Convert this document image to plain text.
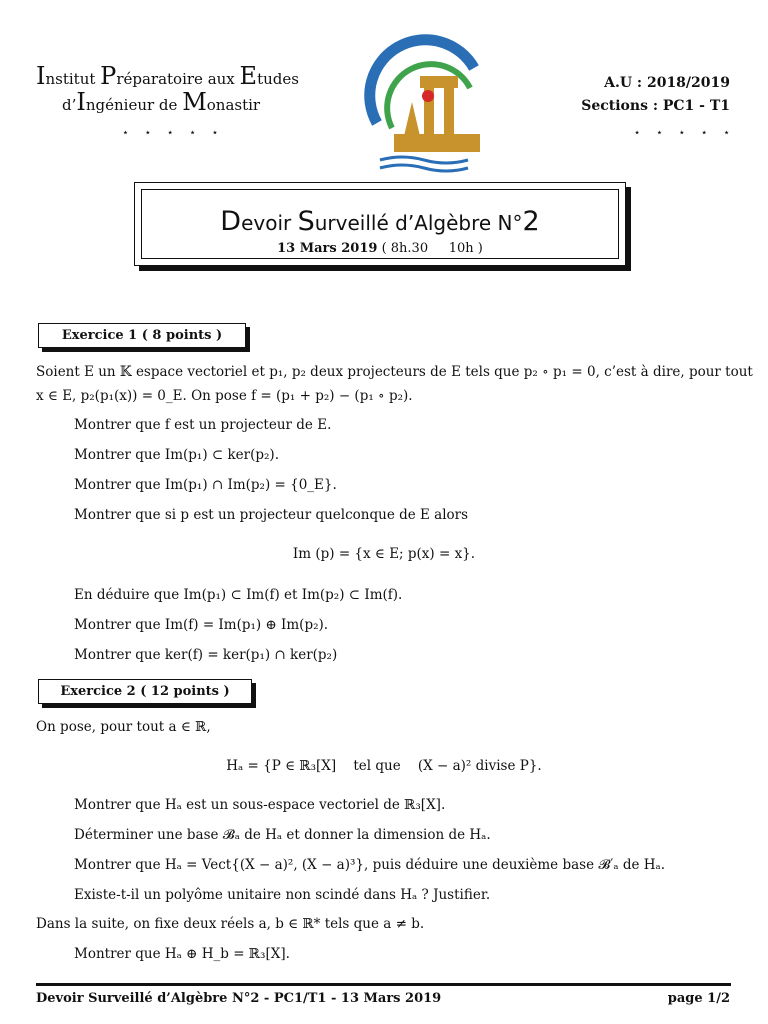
Institut Préparatoire aux Etudes
d’Ingénieur de Monastir
⋆ ⋆ ⋆ ⋆ ⋆
A.U : 2018/2019
Sections : PC1 - T1
⋆ ⋆ ⋆ ⋆ ⋆
Devoir Surveillé d’Algèbre N°2
13 Mars 2019 ( 8h.30     10h )
Exercice 1 ( 8 points )
Soient E un 𝕂 espace vectoriel et p₁, p₂ deux projecteurs de E tels que p₂ ∘ p₁ = 0, c’est à dire, pour tout
x ∈ E, p₂(p₁(x)) = 0_E. On pose f = (p₁ + p₂) − (p₁ ∘ p₂).
Montrer que f est un projecteur de E.
Montrer que Im(p₁) ⊂ ker(p₂).
Montrer que Im(p₁) ∩ Im(p₂) = {0_E}.
Montrer que si p est un projecteur quelconque de E alors
Im (p) = {x ∈ E; p(x) = x}.
En déduire que Im(p₁) ⊂ Im(f) et Im(p₂) ⊂ Im(f).
Montrer que Im(f) = Im(p₁) ⊕ Im(p₂).
Montrer que ker(f) = ker(p₁) ∩ ker(p₂)
Exercice 2 ( 12 points )
On pose, pour tout a ∈ ℝ,
Hₐ = {P ∈ ℝ₃[X]    tel que    (X − a)² divise P}.
Montrer que Hₐ est un sous-espace vectoriel de ℝ₃[X].
Déterminer une base 𝓑ₐ de Hₐ et donner la dimension de Hₐ.
Montrer que Hₐ = Vect{(X − a)², (X − a)³}, puis déduire une deuxième base 𝓑′ₐ de Hₐ.
Existe-t-il un polyôme unitaire non scindé dans Hₐ ? Justifier.
Dans la suite, on fixe deux réels a, b ∈ ℝ* tels que a ≠ b.
Montrer que Hₐ ⊕ H_b = ℝ₃[X].
Devoir Surveillé d’Algèbre N°2 - PC1/T1 - 13 Mars 2019	page 1/2
